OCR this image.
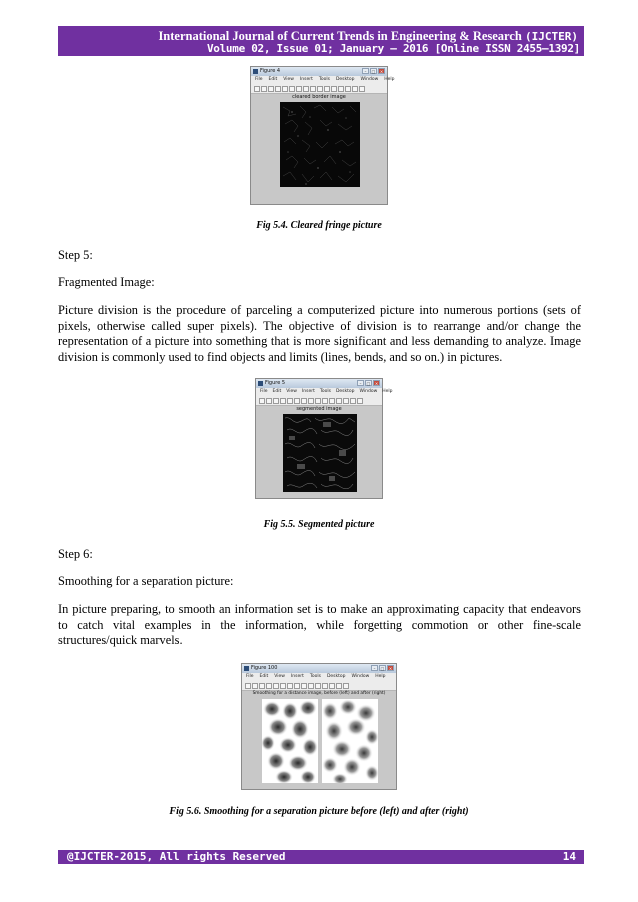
International Journal of Current Trends in Engineering & Research (IJCTER)
Volume 02, Issue 01; January – 2016 [Online ISSN 2455–1392]
Figure 4	–	□	×
File Edit View Insert Tools Desktop Window Help
cleared border image
Fig 5.4. Cleared fringe picture

Step 5:

Fragmented Image:

Picture division is the procedure of parceling a computerized picture into numerous portions (sets of pixels, otherwise called super pixels). The objective of division is to rearrange and/or change the representation of a picture into something that is more significant and less demanding to analyze. Image division is commonly used to find objects and limits (lines, bends, and so on.) in pictures.

Figure 5	–	□	×
File Edit View Insert Tools Desktop Window Help
segmented image
Fig 5.5. Segmented picture

Step 6:

Smoothing for a separation picture:

In picture preparing, to smooth an information set is to make an approximating capacity that endeavors to catch vital examples in the information, while forgetting commotion or other fine-scale structures/quick marvels.

Figure 100	–	□	×
File Edit View Insert Tools Desktop Window Help
Smoothing for a distance image, before (left) and after (right)
Fig 5.6. Smoothing for a separation picture before (left) and after (right)
@IJCTER-2015, All rights Reserved	14
